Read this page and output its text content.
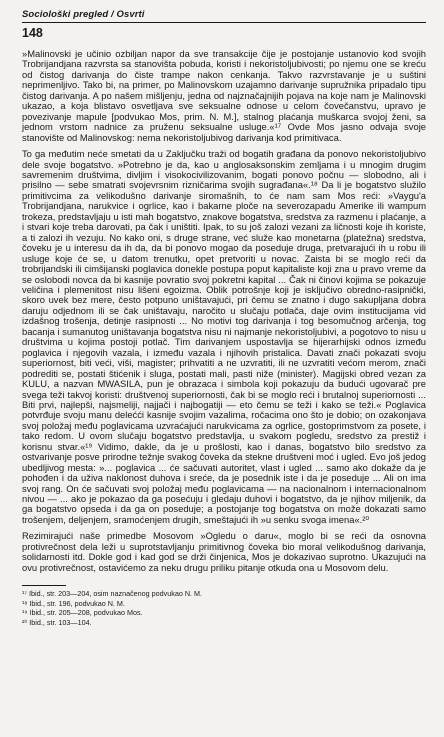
Sociološki pregled / Osvrti
148

»Malinovski je učinio ozbiljan napor da sve transakcije čije je postojanje ustanovio kod svojih Trobrijandjana razvrsta sa stanovišta pobuda, koristi i nekoristoljubivosti; po njemu one se kreću od čistog darivanja do čiste trampe nakon cenkanja. Takvo razvrstavanje je u suštini neprimenljivo. Tako bi, na primer, po Malinovskom uzajamno darivanje supružnika pripadalo tipu čistog darivanja. A po našem mišljenju, jedna od najznačajnijih pojava na koje nam je Malinovski ukazao, a koja blistavo osvetljava sve seksualne odnose u celom čovečanstvu, upravo je povezivanje mapule [podvukao Mos, prim. N. M.], stalnog plaćanja muškarca svojoj ženi, sa jednom vrstom nadnice za pruženu seksualne usluge.«¹⁷ Ovde Mos jasno odvaja svoje stanovište od Malinovskog: nema nekoristoljubivog darivanja kod primitivaca.

To ga međutim neće smetati da u Zaključku traži od bogatih građana da ponovo nekoristoljubivo dele svoje bogatstvo. »Potrebno je da, kao u anglosaksonskim zemljama i u mnogim drugim savremenim društvima, divljim i visokocivilizovanim, bogati ponovo počnu — slobodno, ali i prisilno — sebe smatrati svojevrsnim rizničarima svojih sugrađana«.¹⁸ Da li je bogatstvo služilo primitivcima za velikodušno darivanje siromašnih, to će nam sam Mos reći: »Vaygu'a Trobrijandjana, narukvice i ogrlice, kao i bakarne ploče na severozapadu Amerike ili wampum trokeza, predstavljaju u isti mah bogatstvo, znakove bogatstva, sredstva za razmenu i plaćanje, a i stvari koje treba darovati, pa čak i uništiti. Ipak, to su još zalozi vezani za ličnosti koje ih koriste, a ti zalozi ih vezuju. No kako oni, s druge strane, već služe kao monetarna (platežna) sredstva, čoveku je u interesu da ih da, da bi ponovo mogao da poseduje druga, pretvarajući ih u robu ili usluge koje će se, u datom trenutku, opet pretvoriti u novac. Zaista bi se moglo reći da trobrijandski ili cimšijanski poglavica donekle postupa poput kapitaliste koji zna u pravo vreme da se oslobodi novca da bi kasnije povratio svoj pokretni kapital ... Čak ni činovi kojima se pokazuje veličina i plemenitost nisu lišeni egoizma. Oblik potrošnje koji je isključivo obredno-rasipnički, skoro uvek bez mere, često potpuno uništavajući, pri čemu se znatno i dugo sakupljana dobra daruju odjednom ili se čak uništavaju, naročito u slučaju potlača, daje ovim institucijama vid izdašnog trošenja, detinje rasipnosti ... No motivi tog darivanja i tog besomučnog arčenja, tog bacanja i sumanutog uništavanja bogatstva nisu ni najmanje nekoristoljubivi, a pogotovo to nisu u društvima u kojima postoji potlač. Tim darivanjem uspostavlja se hijerarhijski odnos između poglavica i njegovih vazala, i između vazala i njihovih pristalica. Davati znači pokazati svoju superiornost, biti veći, viši, magister; prihvatiti a ne uzvratiti, ili ne uzvratiti većom merom, znači podrediti se, postati štićenik i sluga, postati mali, pasti niže (minister). Magijski obred vezan za KULU, a nazvan MWASILA, pun je obrazaca i simbola koji pokazuju da budući ugovarač pre svega teži takvoj koristi: društvenoj superiornosti, čak bi se moglo reći i brutalnoj superiornosti ... Biti prvi, najlepši, najsmeliji, najjači i najbogatiji — eto čemu se teži i kako se teži.« Poglavica potvrđuje svoju manu delećći kasnije svojim vazalima, ročacima ono što je dobio; on ozakonjava svoj položaj među poglavicama uzvraćajući narukvicama za ogrlice, gostoprimstvom za posete, i tako redom. U ovom slučaju bogatstvo predstavlja, u svakom pogledu, sredstvo za prestiž i korisnu stvar.«¹⁹ Vidimo, dakle, da je u prošlosti, kao i danas, bogatstvo bilo sredstvo za ostvarivanje posve prirodne težnje svakog čoveka da stekne društveni moć i ugled. Evo još jedog ubedljivog mesta: »... poglavica ... će sačuvati autoritet, vlast i ugled ... samo ako dokaže da je pohođen i da uživa naklonost duhova i sreće, da je posednik iste i da je poseduje ... Ali on ima svoj rang. On će sačuvati svoj položaj među poglavicama — na nacionalnom i internacionalnom nivou — ... ako je pokazao da ga posećuju i gledaju duhovi i bogatstvo, da je njihov miljenik, da ga bogatstvo opseda i da ga on poseduje; a postojanje tog bogatstva on može dokazati samo trošenjem, deljenjem, sramoćenjem drugih, smeštajući ih »u senku svoga imena«.²⁰

Rezimirajući naše primedbe Mosovom »Ogledu o daru«, moglo bi se reći da osnovna protivrečnost dela leži u suprotstavljanju primitivnog čoveka bio moral velikodušnog darivanja, solidarnosti itd. Dokle god i kad god se drži činjenica, Mos je dokazivao suprotno. Ukazujući na ovu protivrečnost, ostavićemo za neku drugu priliku pitanje otkuda ona u Mosovom delu.

¹⁷ Ibid., str. 203—204, osim naznačenog podvukao N. M.

¹⁸ Ibid., str. 196, podvukao N. M.

¹⁹ Ibid., str. 205—208, podvukao Mos.

²⁰ Ibid., str. 103—104.
